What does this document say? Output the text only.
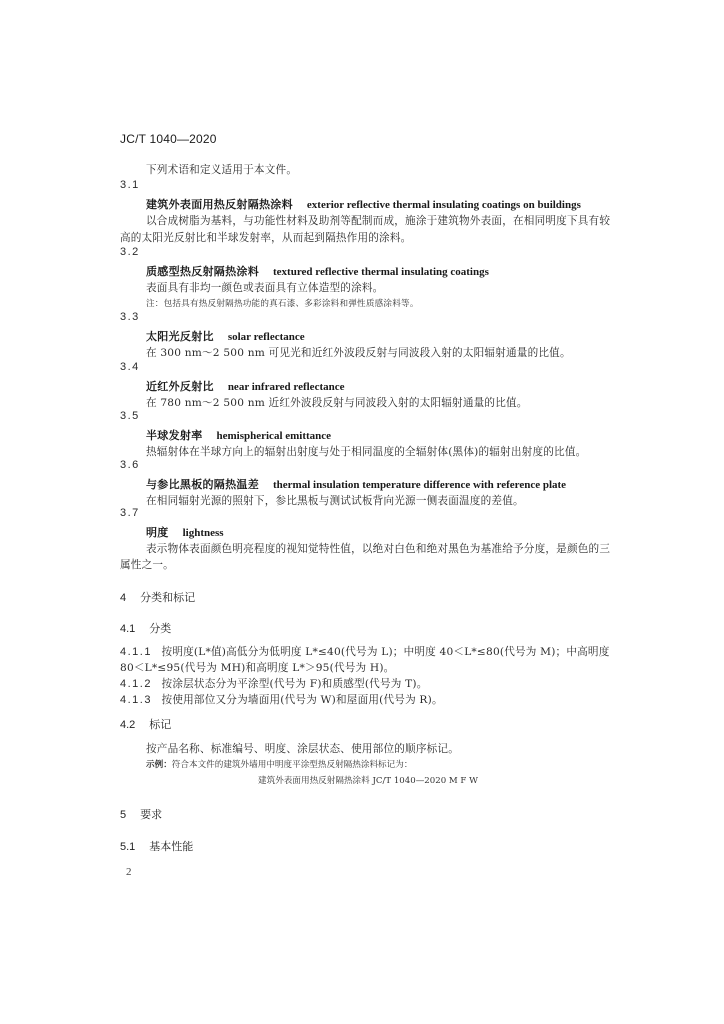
JC/T 1040—2020
下列术语和定义适用于本文件。
3.1
建筑外表面用热反射隔热涂料 exterior reflective thermal insulating coatings on buildings
以合成树脂为基料，与功能性材料及助剂等配制而成，施涂于建筑物外表面，在相同明度下具有较
高的太阳光反射比和半球发射率，从而起到隔热作用的涂料。
3.2
质感型热反射隔热涂料 textured reflective thermal insulating coatings
表面具有非均一颜色或表面具有立体造型的涂料。
注：包括具有热反射隔热功能的真石漆、多彩涂料和弹性质感涂料等。
3.3
太阳光反射比 solar reflectance
在 300 nm～2 500 nm 可见光和近红外波段反射与同波段入射的太阳辐射通量的比值。
3.4
近红外反射比 near infrared reflectance
在 780 nm～2 500 nm 近红外波段反射与同波段入射的太阳辐射通量的比值。
3.5
半球发射率 hemispherical emittance
热辐射体在半球方向上的辐射出射度与处于相同温度的全辐射体(黑体)的辐射出射度的比值。
3.6
与参比黑板的隔热温差 thermal insulation temperature difference with reference plate
在相同辐射光源的照射下，参比黑板与测试试板背向光源一侧表面温度的差值。
3.7
明度 lightness
表示物体表面颜色明亮程度的视知觉特性值，以绝对白色和绝对黑色为基准给予分度，是颜色的三
属性之一。
4 分类和标记
4.1 分类
4.1.1 按明度(L*值)高低分为低明度 L*≤40(代号为 L)；中明度 40＜L*≤80(代号为 M)；中高明度
80＜L*≤95(代号为 MH)和高明度 L*＞95(代号为 H)。
4.1.2 按涂层状态分为平涂型(代号为 F)和质感型(代号为 T)。
4.1.3 按使用部位又分为墙面用(代号为 W)和屋面用(代号为 R)。
4.2 标记
按产品名称、标准编号、明度、涂层状态、使用部位的顺序标记。
示例：符合本文件的建筑外墙用中明度平涂型热反射隔热涂料标记为：
建筑外表面用热反射隔热涂料 JC/T 1040—2020 M F W
5 要求
5.1 基本性能
2
